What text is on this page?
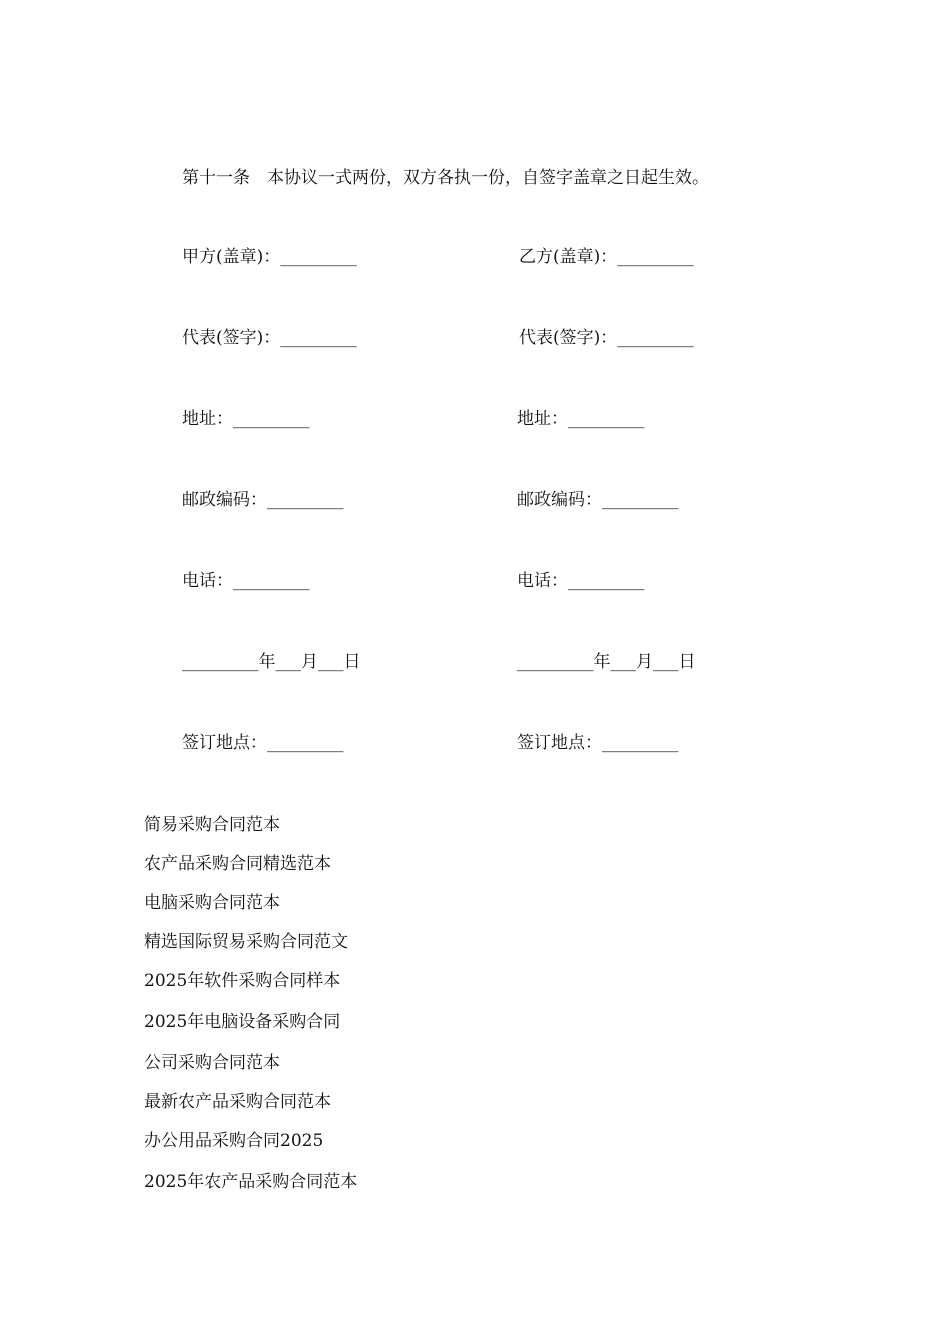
第十一条　本协议一式两份，双方各执一份，自签字盖章之日起生效。
甲方(盖章)：_________	乙方(盖章)：_________
代表(签字)：_________	代表(签字)：_________
地址：_________	地址：_________
邮政编码：_________	邮政编码：_________
电话：_________	电话：_________
_________年___月___日	_________年___月___日
签订地点：_________	签订地点：_________
简易采购合同范本
农产品采购合同精选范本
电脑采购合同范本
精选国际贸易采购合同范文
2025年软件采购合同样本
2025年电脑设备采购合同
公司采购合同范本
最新农产品采购合同范本
办公用品采购合同2025
2025年农产品采购合同范本
